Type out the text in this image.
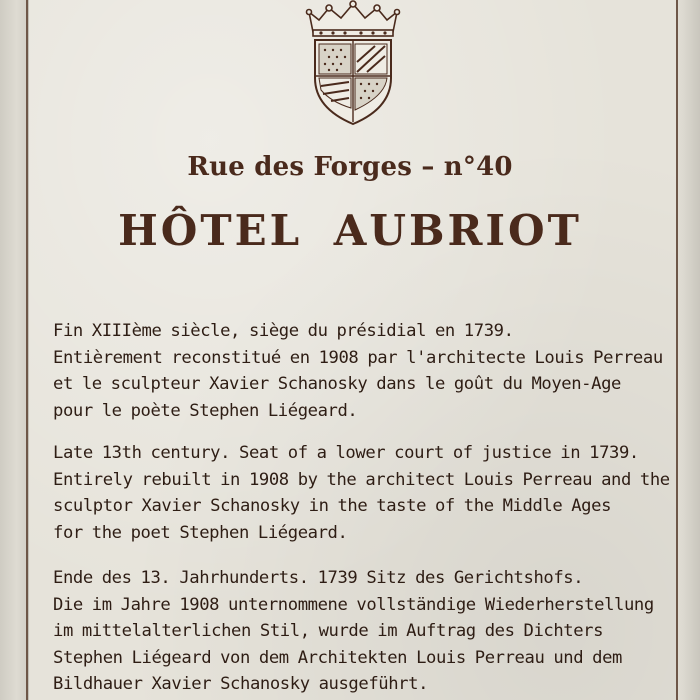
Rue des Forges – n°40
HÔTEL AUBRIOT

Fin XIIIème siècle, siège du présidial en 1739.
Entièrement reconstitué en 1908 par l'architecte Louis Perreau
et le sculpteur Xavier Schanosky dans le goût du Moyen-Age
pour le poète Stephen Liégeard.

Late 13th century. Seat of a lower court of justice in 1739.
Entirely rebuilt in 1908 by the architect Louis Perreau and the
sculptor Xavier Schanosky in the taste of the Middle Ages
for the poet Stephen Liégeard.

Ende des 13. Jahrhunderts. 1739 Sitz des Gerichtshofs.
Die im Jahre 1908 unternommene vollständige Wiederherstellung
im mittelalterlichen Stil, wurde im Auftrag des Dichters
Stephen Liégeard von dem Architekten Louis Perreau und dem
Bildhauer Xavier Schanosky ausgeführt.
